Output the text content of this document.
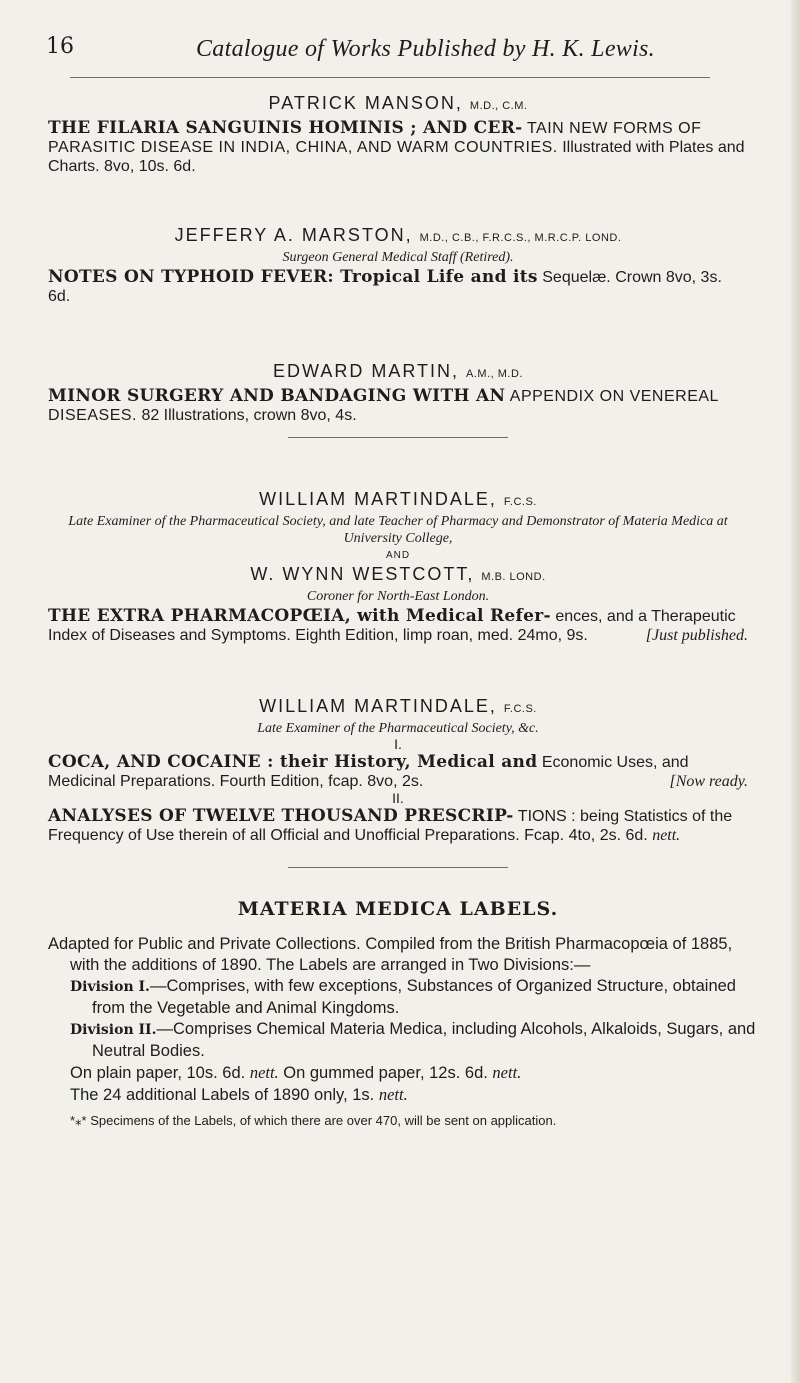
16	Catalogue of Works Published by H. K. Lewis.
PATRICK MANSON, M.D., C.M.
THE FILARIA SANGUINIS HOMINIS ; AND CER- TAIN NEW FORMS OF PARASITIC DISEASE IN INDIA, CHINA, AND WARM COUNTRIES. Illustrated with Plates and Charts. 8vo, 10s. 6d.
JEFFERY A. MARSTON, M.D., C.B., F.R.C.S., M.R.C.P. LOND.
Surgeon General Medical Staff (Retired).
NOTES ON TYPHOID FEVER: Tropical Life and its Sequelæ. Crown 8vo, 3s. 6d.
EDWARD MARTIN, A.M., M.D.
MINOR SURGERY AND BANDAGING WITH AN APPENDIX ON VENEREAL DISEASES. 82 Illustrations, crown 8vo, 4s.
WILLIAM MARTINDALE, F.C.S.
Late Examiner of the Pharmaceutical Society, and late Teacher of Pharmacy and Demonstrator of Materia Medica at University College,
AND
W. WYNN WESTCOTT, M.B. LOND.
Coroner for North-East London.
THE EXTRA PHARMACOPŒIA, with Medical Refer- ences, and a Therapeutic Index of Diseases and Symptoms. Eighth Edition, limp roan, med. 24mo, 9s.	[Just published.
WILLIAM MARTINDALE, F.C.S.
Late Examiner of the Pharmaceutical Society, &c.
I.
COCA, AND COCAINE : their History, Medical and Economic Uses, and Medicinal Preparations. Fourth Edition, fcap. 8vo, 2s.	[Now ready.
II.
ANALYSES OF TWELVE THOUSAND PRESCRIP- TIONS : being Statistics of the Frequency of Use therein of all Official and Unofficial Preparations. Fcap. 4to, 2s. 6d. nett.
MATERIA MEDICA LABELS.
Adapted for Public and Private Collections. Compiled from the British Pharmacopœia of 1885, with the additions of 1890. The Labels are arranged in Two Divisions:—
Division I.—Comprises, with few exceptions, Substances of Organized Structure, obtained from the Vegetable and Animal Kingdoms.
Division II.—Comprises Chemical Materia Medica, including Alcohols, Alkaloids, Sugars, and Neutral Bodies.
On plain paper, 10s. 6d. nett. On gummed paper, 12s. 6d. nett.
The 24 additional Labels of 1890 only, 1s. nett.
*⁎* Specimens of the Labels, of which there are over 470, will be sent on application.
